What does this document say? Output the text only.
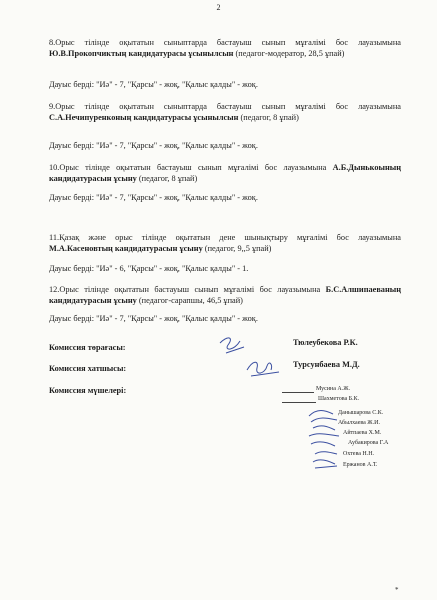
2

8.Орыс тілінде оқытатын сыныптарда бастауыш сынып мұғалімі бос лауазымына Ю.В.Прокопчиктың кандидатурасы ұсынылсын (педагог-модератор, 28,5 ұпай)

Дауыс берді: "Иә" - 7, "Қарсы" - жоқ, "Қалыс қалды" - жоқ.

9.Орыс тілінде оқытатын сыныптарда бастауыш сынып мұғалімі бос лауазымына С.А.Нечипуренконың кандидатурасы ұсынылсын (педагог, 8 ұпай)

Дауыс берді: "Иә" - 7, "Қарсы" - жоқ, "Қалыс қалды" - жоқ.

10.Орыс тілінде оқытатын бастауыш сынып мұғалімі бос лауазымына А.Б.Дынькоының кандидатурасын ұсыну (педагог, 8 ұпай)

Дауыс берді: "Иә" - 7, "Қарсы" - жоқ, "Қалыс қалды" - жоқ.

11.Қазақ және орыс тілінде оқытатын дене шынықтыру мұғалімі бос лауазымына М.А.Касеновтың кандидатурасын ұсыну (педагог, 9,,5 ұпай)

Дауыс берді: "Иә" - 6, "Қарсы" - жоқ, "Қалыс қалды" - 1.

12.Орыс тілінде оқытатын бастауыш сынып мұғалімі бос лауазымына Б.С.Алшипаеваның кандидатурасын ұсыну (педагог-сарапшы, 46,5 ұпай)

Дауыс берді: "Иә" - 7, "Қарсы" - жоқ, "Қалыс қалды" - жоқ.
Комиссия төрағасы:
Тюлеубекова Р.К.
Комиссия хатшысы:	Турсунбаева М.Д.
Комиссия мүшелері:	Мусина А.Ж.
Шахметова Б.К.
Данышарова С.К.
Абылхаева Ж.И.
Айтпаева Х.М.
Аубакирова Г.А
Охтева Н.Н.
Ержанов А.Т.
*
